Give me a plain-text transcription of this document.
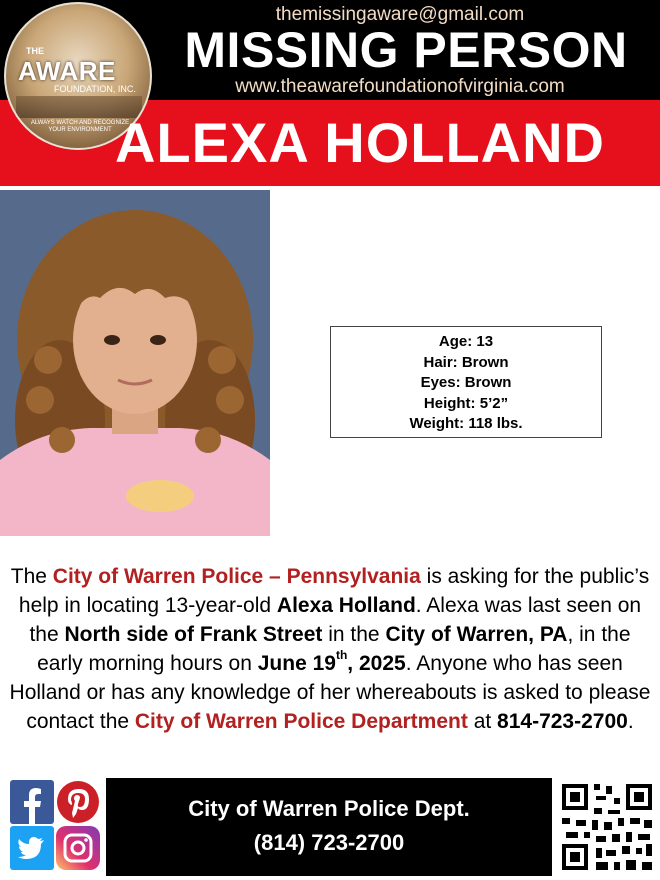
THE
AWARE
FOUNDATION, INC.
ALWAYS WATCH AND RECOGNIZE YOUR ENVIRONMENT
themissingaware@gmail.com
MISSING PERSON
www.theawarefoundationofvirginia.com
ALEXA HOLLAND
Age: 13
Hair: Brown
Eyes: Brown
Height: 5’2”
Weight: 118 lbs.
The City of Warren Police – Pennsylvania is asking for the public’s help in locating 13-year-old Alexa Holland. Alexa was last seen on the North side of Frank Street in the City of Warren, PA, in the early morning hours on June 19th, 2025. Anyone who has seen Holland or has any knowledge of her whereabouts is asked to please contact the City of Warren Police Department at 814-723-2700.
City of Warren Police Dept.
(814) 723-2700
